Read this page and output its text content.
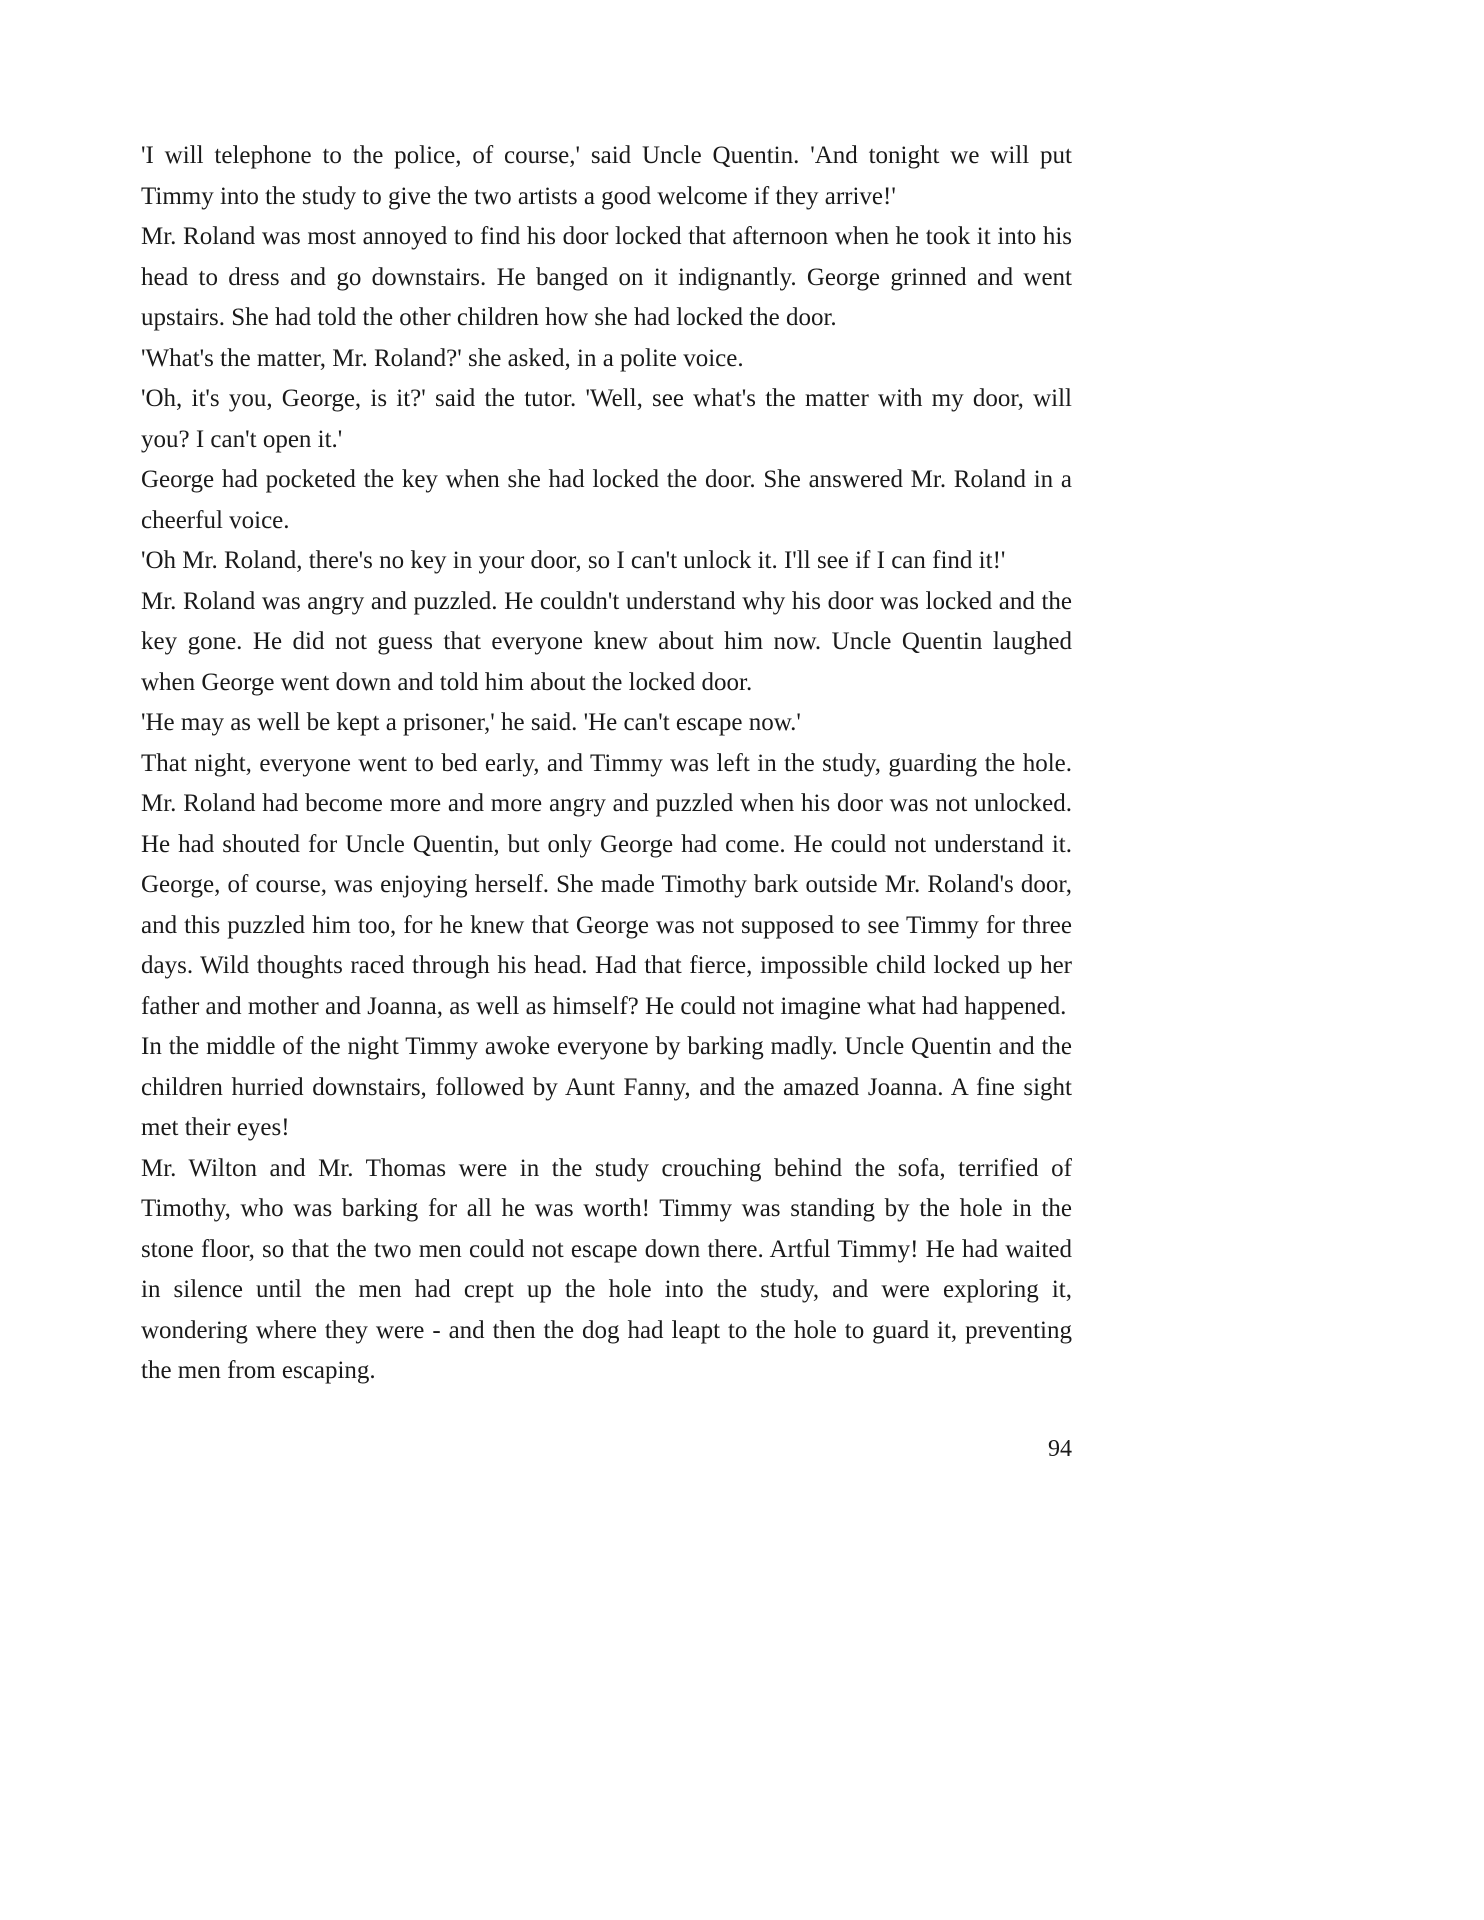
'I will telephone to the police, of course,' said Uncle Quentin. 'And tonight we will put Timmy into the study to give the two artists a good welcome if they arrive!'

Mr. Roland was most annoyed to find his door locked that afternoon when he took it into his head to dress and go downstairs. He banged on it indignantly. George grinned and went upstairs. She had told the other children how she had locked the door.

'What's the matter, Mr. Roland?' she asked, in a polite voice.

'Oh, it's you, George, is it?' said the tutor. 'Well, see what's the matter with my door, will you? I can't open it.'

George had pocketed the key when she had locked the door. She answered Mr. Roland in a cheerful voice.

'Oh Mr. Roland, there's no key in your door, so I can't unlock it. I'll see if I can find it!'

Mr. Roland was angry and puzzled. He couldn't understand why his door was locked and the key gone. He did not guess that everyone knew about him now. Uncle Quentin laughed when George went down and told him about the locked door.

'He may as well be kept a prisoner,' he said. 'He can't escape now.'

That night, everyone went to bed early, and Timmy was left in the study, guarding the hole. Mr. Roland had become more and more angry and puzzled when his door was not unlocked. He had shouted for Uncle Quentin, but only George had come. He could not understand it. George, of course, was enjoying herself. She made Timothy bark outside Mr. Roland's door, and this puzzled him too, for he knew that George was not supposed to see Timmy for three days. Wild thoughts raced through his head. Had that fierce, impossible child locked up her father and mother and Joanna, as well as himself? He could not imagine what had happened.

In the middle of the night Timmy awoke everyone by barking madly. Uncle Quentin and the children hurried downstairs, followed by Aunt Fanny, and the amazed Joanna. A fine sight met their eyes!

Mr. Wilton and Mr. Thomas were in the study crouching behind the sofa, terrified of Timothy, who was barking for all he was worth! Timmy was standing by the hole in the stone floor, so that the two men could not escape down there. Artful Timmy! He had waited in silence until the men had crept up the hole into the study, and were exploring it, wondering where they were - and then the dog had leapt to the hole to guard it, preventing the men from escaping.

94
